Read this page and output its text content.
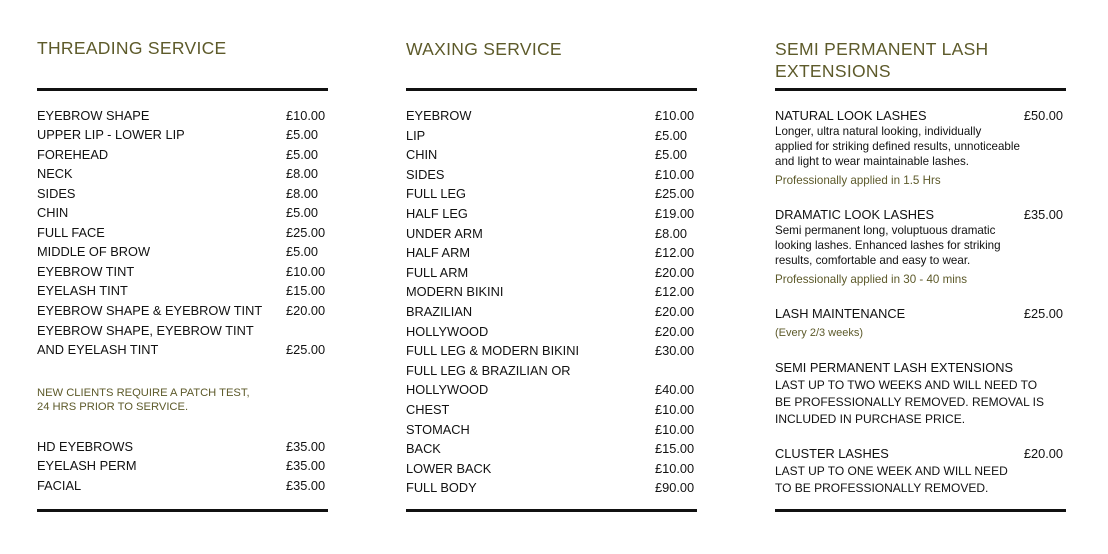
THREADING SERVICE
EYEBROW SHAPE	£10.00
UPPER LIP - LOWER LIP	£5.00
FOREHEAD	£5.00
NECK	£8.00
SIDES	£8.00
CHIN	£5.00
FULL FACE	£25.00
MIDDLE OF BROW	£5.00
EYEBROW TINT	£10.00
EYELASH TINT	£15.00
EYEBROW SHAPE & EYEBROW TINT £20.00
EYEBROW SHAPE, EYEBROW TINT
AND EYELASH TINT	£25.00
NEW CLIENTS REQUIRE A PATCH TEST,
24 HRS PRIOR TO SERVICE.
HD EYEBROWS	£35.00
EYELASH PERM	£35.00
FACIAL	£35.00
WAXING SERVICE
EYEBROW	£10.00
LIP	£5.00
CHIN	£5.00
SIDES	£10.00
FULL LEG	£25.00
HALF LEG	£19.00
UNDER ARM	£8.00
HALF ARM	£12.00
FULL ARM	£20.00
MODERN BIKINI	£12.00
BRAZILIAN	£20.00
HOLLYWOOD	£20.00
FULL LEG & MODERN BIKINI	£30.00
FULL LEG & BRAZILIAN OR
HOLLYWOOD	£40.00
CHEST	£10.00
STOMACH	£10.00
BACK	£15.00
LOWER BACK	£10.00
FULL BODY	£90.00
SEMI PERMANENT LASH
EXTENSIONS
NATURAL LOOK LASHES	£50.00
Longer, ultra natural looking, individually
applied for striking defined results, unnoticeable
and light to wear maintainable lashes.
Professionally applied in 1.5 Hrs
DRAMATIC LOOK LASHES	£35.00
Semi permanent long, voluptuous dramatic
looking lashes. Enhanced lashes for striking
results, comfortable and easy to wear.
Professionally applied in 30 - 40 mins
LASH MAINTENANCE	£25.00
(Every 2/3 weeks)
SEMI PERMANENT LASH EXTENSIONS
LAST UP TO TWO WEEKS AND WILL NEED TO
BE PROFESSIONALLY REMOVED. REMOVAL IS
INCLUDED IN PURCHASE PRICE.
CLUSTER LASHES	£20.00
LAST UP TO ONE WEEK AND WILL NEED
TO BE PROFESSIONALLY REMOVED.
